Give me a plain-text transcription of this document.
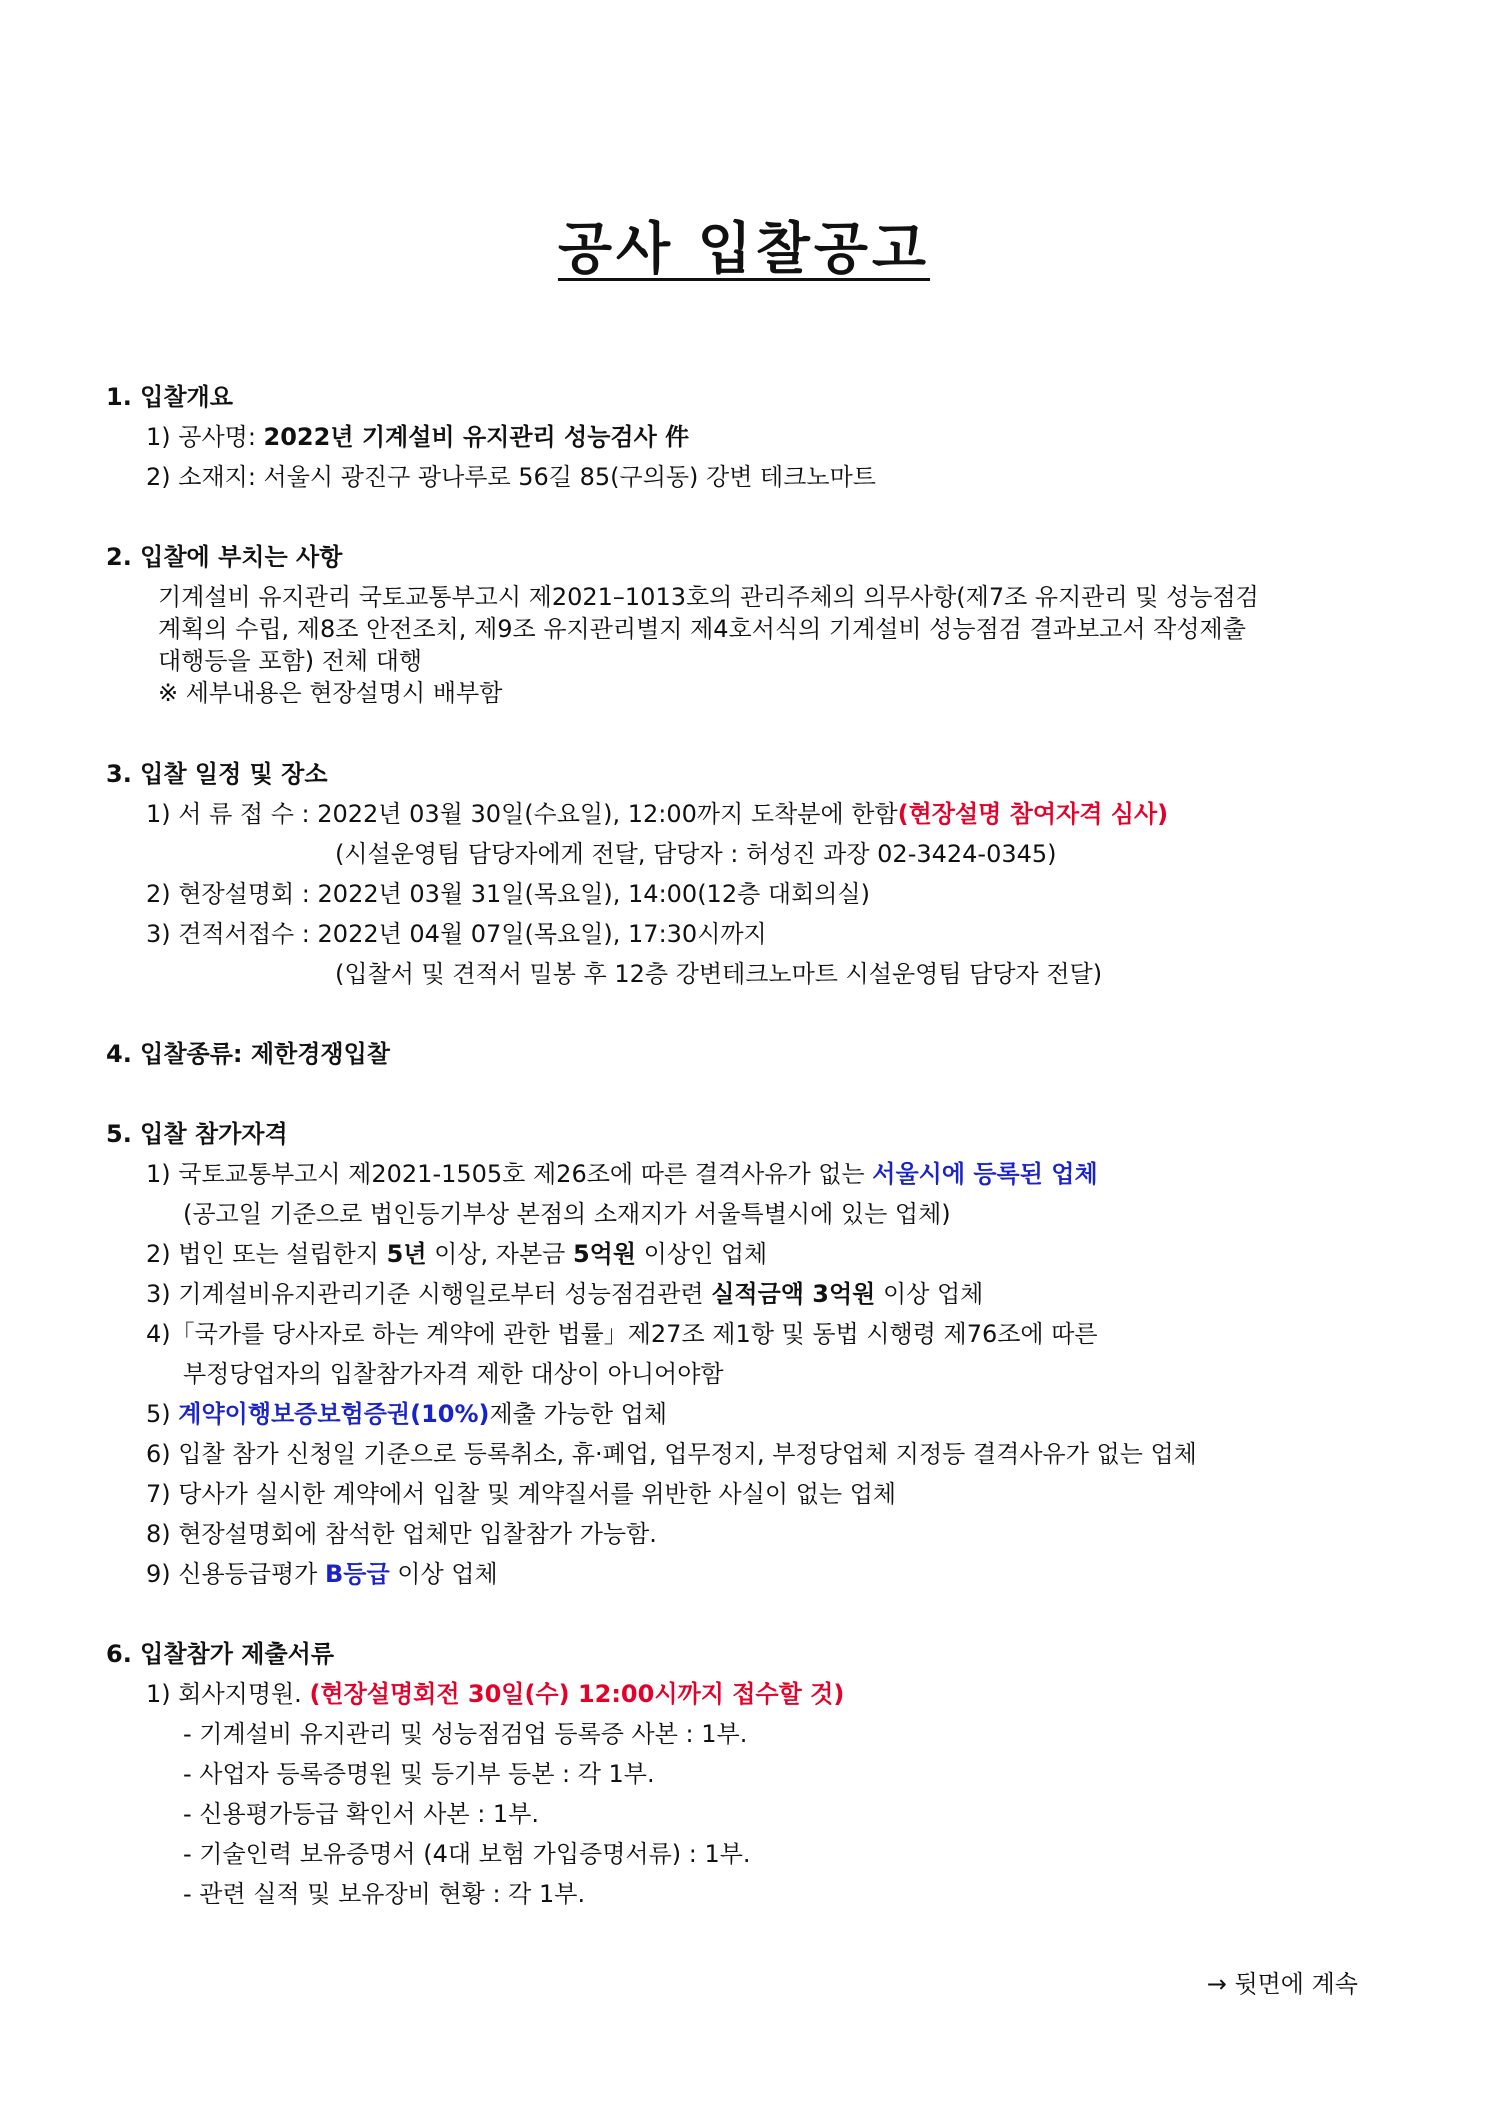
공사 입찰공고
1. 입찰개요
1) 공사명: 2022년 기계설비 유지관리 성능검사 件
2) 소재지: 서울시 광진구 광나루로 56길 85(구의동) 강변 테크노마트
2. 입찰에 부치는 사항
기계설비 유지관리 국토교통부고시 제2021–1013호의 관리주체의 의무사항(제7조 유지관리 및 성능점검
계획의 수립, 제8조 안전조치, 제9조 유지관리별지 제4호서식의 기계설비 성능점검 결과보고서 작성제출
대행등을 포함) 전체 대행
※ 세부내용은 현장설명시 배부함
3. 입찰 일정 및 장소
1) 서 류 접 수 : 2022년 03월 30일(수요일), 12:00까지 도착분에 한함(현장설명 참여자격 심사)
(시설운영팀 담당자에게 전달, 담당자 : 허성진 과장 02-3424-0345)
2) 현장설명회 : 2022년 03월 31일(목요일), 14:00(12층 대회의실)
3) 견적서접수 : 2022년 04월 07일(목요일), 17:30시까지
(입찰서 및 견적서 밀봉 후 12층 강변테크노마트 시설운영팀 담당자 전달)
4. 입찰종류: 제한경쟁입찰
5. 입찰 참가자격
1) 국토교통부고시 제2021-1505호 제26조에 따른 결격사유가 없는 서울시에 등록된 업체
(공고일 기준으로 법인등기부상 본점의 소재지가 서울특별시에 있는 업체)
2) 법인 또는 설립한지 5년 이상, 자본금 5억원 이상인 업체
3) 기계설비유지관리기준 시행일로부터 성능점검관련 실적금액 3억원 이상 업체
4)「국가를 당사자로 하는 계약에 관한 법률」제27조 제1항 및 동법 시행령 제76조에 따른
부정당업자의 입찰참가자격 제한 대상이 아니어야함
5) 계약이행보증보험증권(10%)제출 가능한 업체
6) 입찰 참가 신청일 기준으로 등록취소, 휴·폐업, 업무정지, 부정당업체 지정등 결격사유가 없는 업체
7) 당사가 실시한 계약에서 입찰 및 계약질서를 위반한 사실이 없는 업체
8) 현장설명회에 참석한 업체만 입찰참가 가능함.
9) 신용등급평가 B등급 이상 업체
6. 입찰참가 제출서류
1) 회사지명원. (현장설명회전 30일(수) 12:00시까지 접수할 것)
- 기계설비 유지관리 및 성능점검업 등록증 사본 : 1부.
- 사업자 등록증명원 및 등기부 등본 : 각 1부.
- 신용평가등급 확인서 사본 : 1부.
- 기술인력 보유증명서 (4대 보험 가입증명서류) : 1부.
- 관련 실적 및 보유장비 현황 : 각 1부.
→ 뒷면에 계속
